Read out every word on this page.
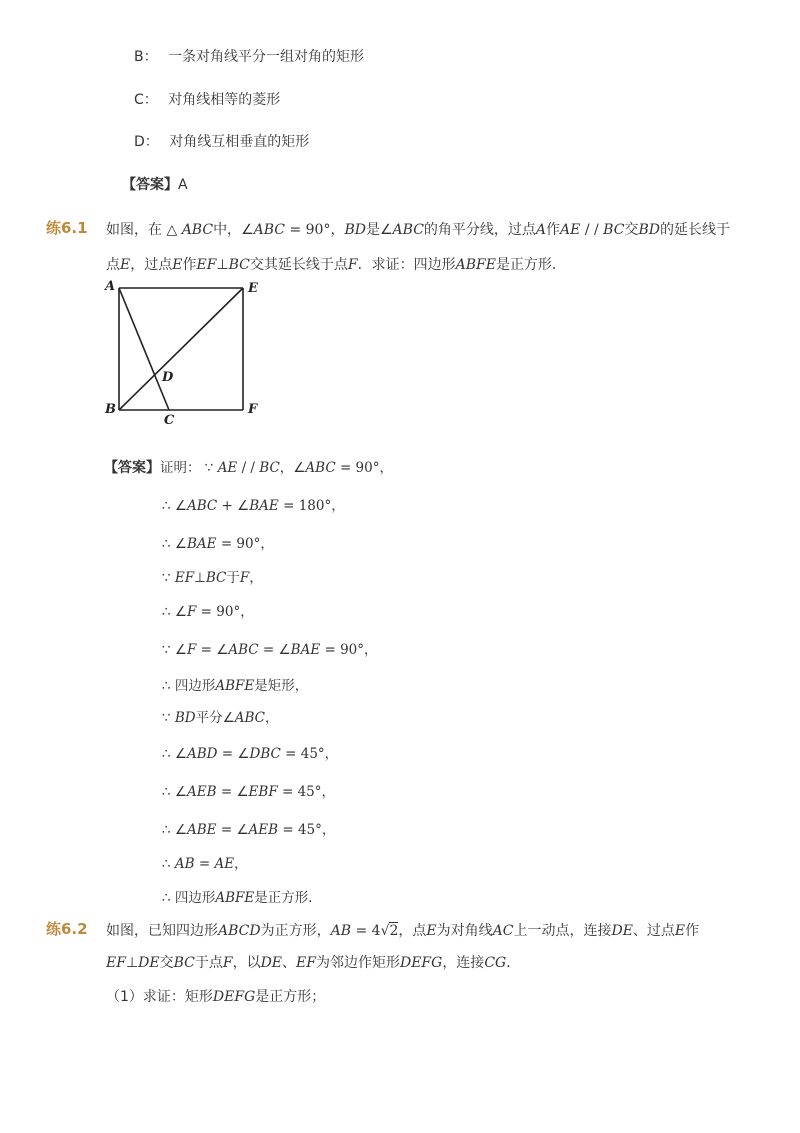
B： 一条对角线平分一组对角的矩形
C： 对角线相等的菱形
D： 对角线互相垂直的矩形
【答案】A
练6.1 如图，在 △ ABC中，∠ABC = 90°，BD是∠ABC的角平分线，过点A作AE / / BC交BD的延长线于
点E，过点E作EF⊥BC交其延长线于点F．求证：四边形ABFE是正方形．
A	E
D
B
C
F
【答案】证明： ∵ AE / / BC，∠ABC = 90°，
∴ ∠ABC + ∠BAE = 180°，
∴ ∠BAE = 90°，
∵ EF⊥BC于F，
∴ ∠F = 90°，
∵ ∠F = ∠ABC = ∠BAE = 90°，
∴ 四边形ABFE是矩形，
∵ BD平分∠ABC，
∴ ∠ABD = ∠DBC = 45°，
∴ ∠AEB = ∠EBF = 45°，
∴ ∠ABE = ∠AEB = 45°，
∴ AB = AE，
∴ 四边形ABFE是正方形．
练6.2 如图，已知四边形ABCD为正方形，AB = 4√2，点E为对角线AC上一动点，连接DE、过点E作
EF⊥DE交BC于点F，以DE、EF为邻边作矩形DEFG，连接CG．
（1）求证：矩形DEFG是正方形；
